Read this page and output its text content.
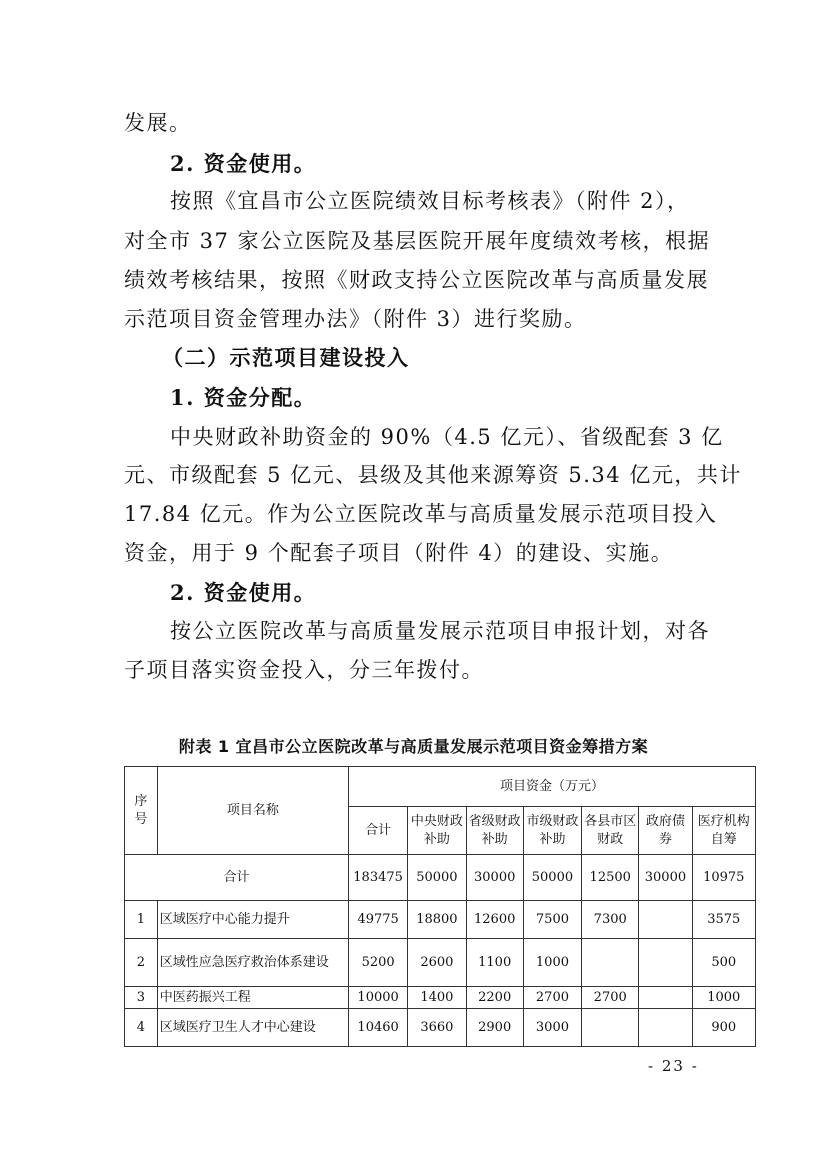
发展。
2. 资金使用。
按照《宜昌市公立医院绩效目标考核表》（附件 2），
对全市 37 家公立医院及基层医院开展年度绩效考核，根据
绩效考核结果，按照《财政支持公立医院改革与高质量发展
示范项目资金管理办法》（附件 3）进行奖励。
（二）示范项目建设投入
1. 资金分配。
中央财政补助资金的 90%（4.5 亿元）、省级配套 3 亿
元、市级配套 5 亿元、县级及其他来源筹资 5.34 亿元，共计
17.84 亿元。作为公立医院改革与高质量发展示范项目投入
资金，用于 9 个配套子项目（附件 4）的建设、实施。
2. 资金使用。
按公立医院改革与高质量发展示范项目申报计划，对各
子项目落实资金投入，分三年拨付。
附表 1 宜昌市公立医院改革与高质量发展示范项目资金筹措方案
序号	项目名称	项目资金（万元）						
		合计	中央财政补助	省级财政补助	市级财政补助	各县市区财政	政府债券	医疗机构自筹
合计		183475	50000	30000	50000	12500	30000	10975
1	区域医疗中心能力提升	49775	18800	12600	7500	7300		3575
2	区域性应急医疗救治体系建设	5200	2600	1100	1000			500
3	中医药振兴工程	10000	1400	2200	2700	2700		1000
4	区域医疗卫生人才中心建设	10460	3660	2900	3000			900
- 23 -
